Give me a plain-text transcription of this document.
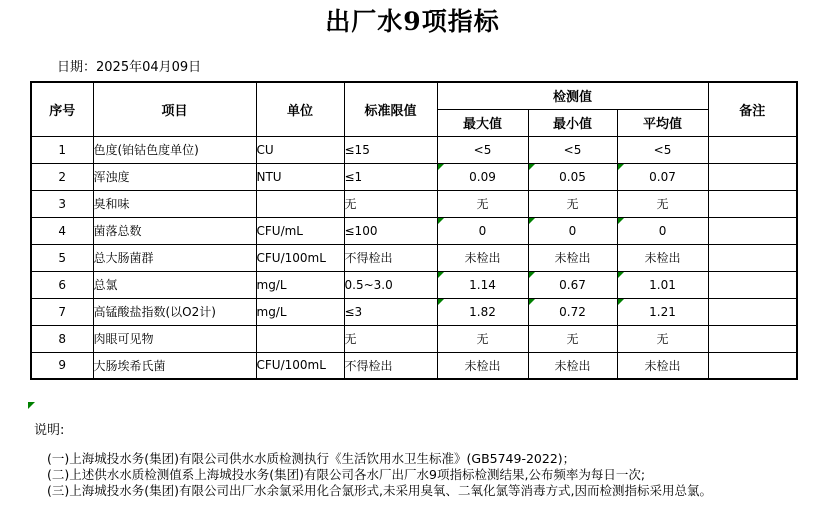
出厂水9项指标
日期：2025年04月09日
序号	项目	单位	标准限值	检测值			备注
				最大值	最小值	平均值	
1	色度(铂钴色度单位)	CU	≤15	<5	<5	<5	
2	浑浊度	NTU	≤1	0.09	0.05	0.07

3	臭和味		无	无	无	无	
4	菌落总数	CFU/mL	≤100	0	0	0

5	总大肠菌群	CFU/100mL	不得检出	未检出	未检出	未检出	
6	总氯	mg/L	0.5~3.0	1.14	0.67	1.01

7	高锰酸盐指数(以O2计)	mg/L	≤3	1.82	0.72	1.21

8	肉眼可见物		无	无	无	无	
9	大肠埃希氏菌	CFU/100mL	不得检出	未检出	未检出	未检出	
说明:
(一)上海城投水务(集团)有限公司供水水质检测执行《生活饮用水卫生标准》(GB5749-2022)；
(二)上述供水水质检测值系上海城投水务(集团)有限公司各水厂出厂水9项指标检测结果,公布频率为每日一次;
(三)上海城投水务(集团)有限公司出厂水余氯采用化合氯形式,未采用臭氧、二氧化氯等消毒方式,因而检测指标采用总氯。
